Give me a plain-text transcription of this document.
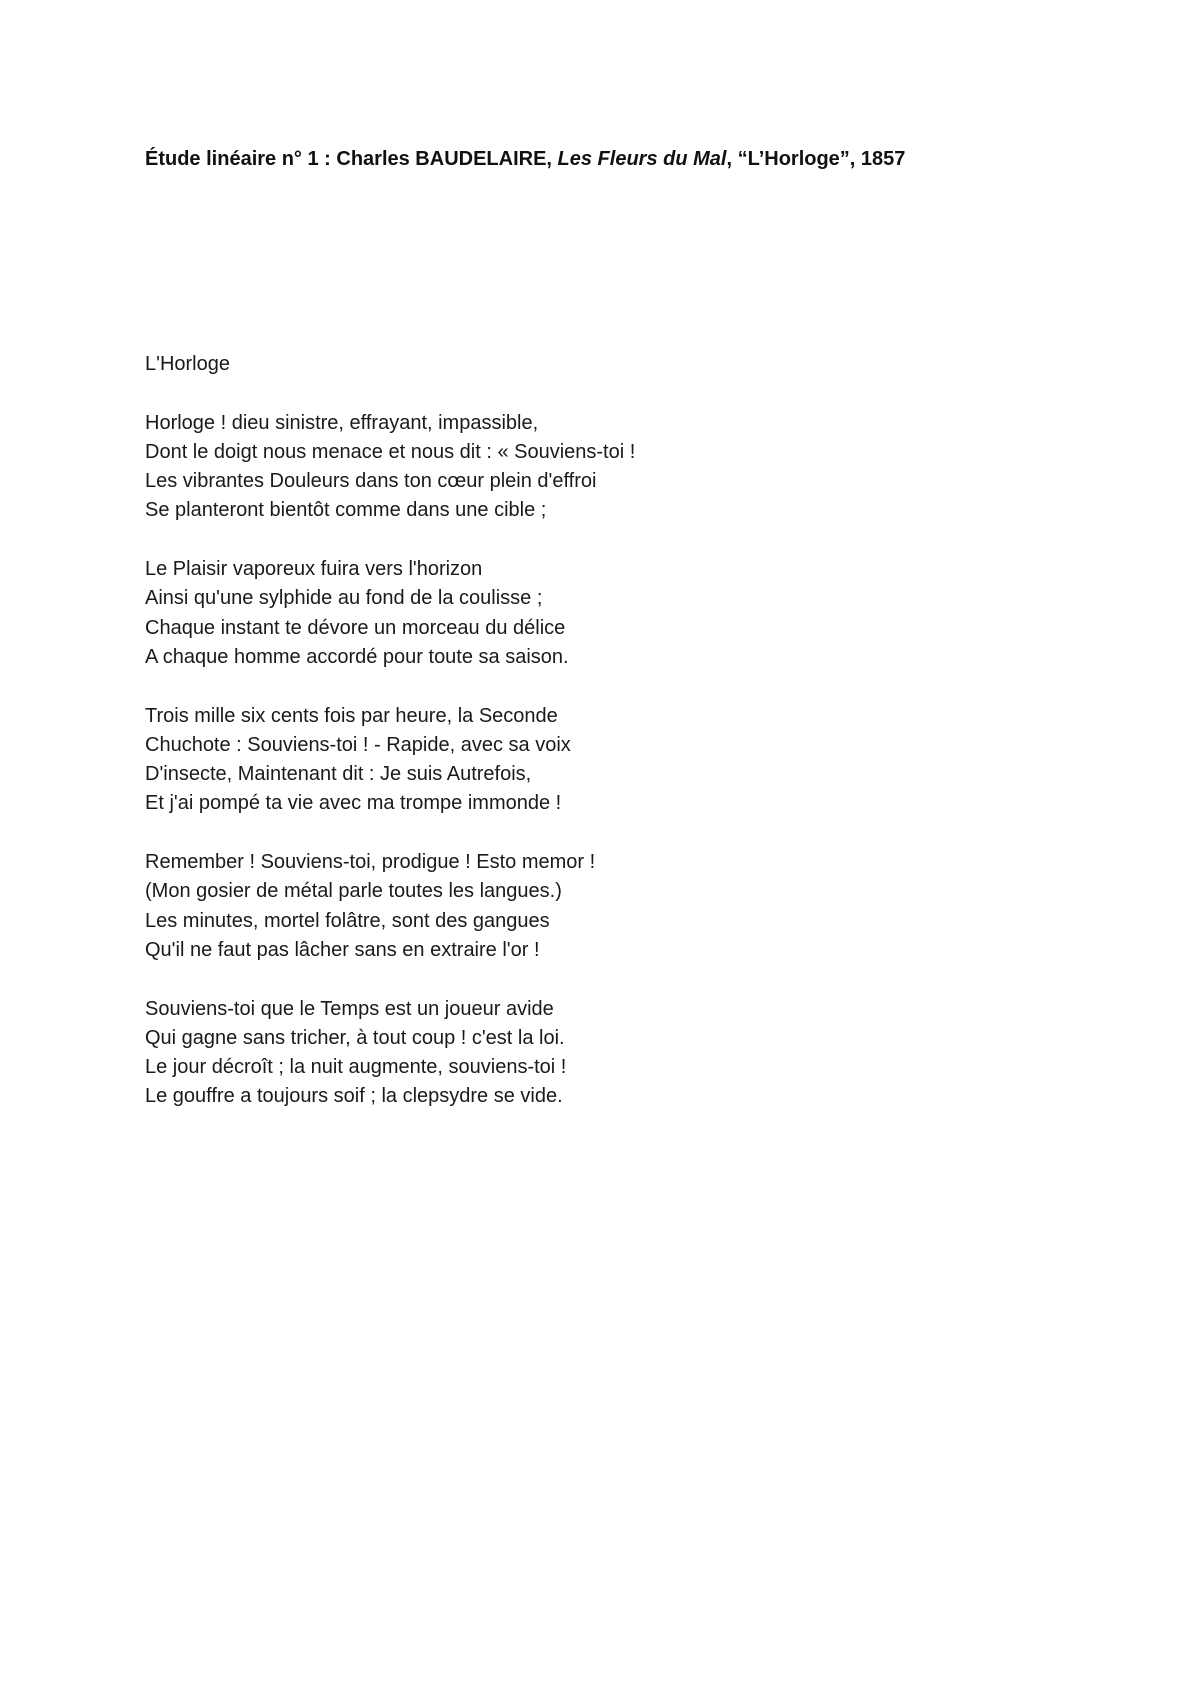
Étude linéaire n° 1 : Charles BAUDELAIRE, Les Fleurs du Mal, “L’Horloge”, 1857

L'Horloge

Horloge ! dieu sinistre, effrayant, impassible,
Dont le doigt nous menace et nous dit : « Souviens-toi !
Les vibrantes Douleurs dans ton cœur plein d'effroi
Se planteront bientôt comme dans une cible ;
Le Plaisir vaporeux fuira vers l'horizon
Ainsi qu'une sylphide au fond de la coulisse ;
Chaque instant te dévore un morceau du délice
A chaque homme accordé pour toute sa saison.
Trois mille six cents fois par heure, la Seconde
Chuchote : Souviens-toi ! - Rapide, avec sa voix
D'insecte, Maintenant dit : Je suis Autrefois,
Et j'ai pompé ta vie avec ma trompe immonde !
Remember ! Souviens-toi, prodigue ! Esto memor !
(Mon gosier de métal parle toutes les langues.)
Les minutes, mortel folâtre, sont des gangues
Qu'il ne faut pas lâcher sans en extraire l'or !
Souviens-toi que le Temps est un joueur avide
Qui gagne sans tricher, à tout coup ! c'est la loi.
Le jour décroît ; la nuit augmente, souviens-toi !
Le gouffre a toujours soif ; la clepsydre se vide.
